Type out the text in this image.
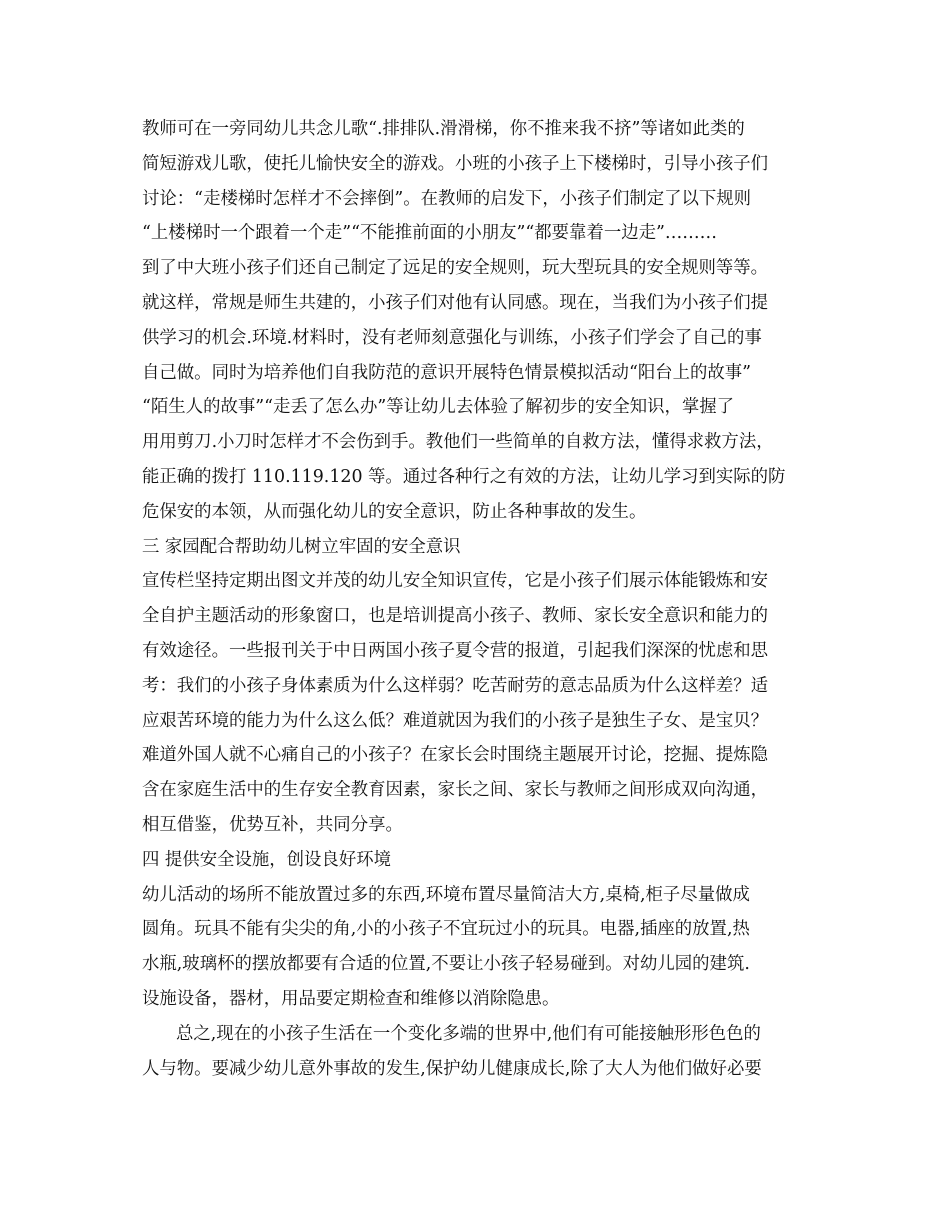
教师可在一旁同幼儿共念儿歌“.排排队.滑滑梯，你不推来我不挤”等诸如此类的
简短游戏儿歌，使托儿愉快安全的游戏。小班的小孩子上下楼梯时，引导小孩子们
讨论：“走楼梯时怎样才不会摔倒”。在教师的启发下，小孩子们制定了以下规则
“上楼梯时一个跟着一个走”“不能推前面的小朋友”“都要靠着一边走”………
到了中大班小孩子们还自己制定了远足的安全规则，玩大型玩具的安全规则等等。
就这样，常规是师生共建的，小孩子们对他有认同感。现在，当我们为小孩子们提
供学习的机会.环境.材料时，没有老师刻意强化与训练，小孩子们学会了自己的事
自己做。同时为培养他们自我防范的意识开展特色情景模拟活动“阳台上的故事”
“陌生人的故事”“走丢了怎么办”等让幼儿去体验了解初步的安全知识，掌握了
用用剪刀.小刀时怎样才不会伤到手。教他们一些简单的自救方法，懂得求救方法，
能正确的拨打 110.119.120 等。通过各种行之有效的方法，让幼儿学习到实际的防
危保安的本领，从而强化幼儿的安全意识，防止各种事故的发生。
三 家园配合帮助幼儿树立牢固的安全意识
宣传栏坚持定期出图文并茂的幼儿安全知识宣传，它是小孩子们展示体能锻炼和安
全自护主题活动的形象窗口，也是培训提高小孩子、教师、家长安全意识和能力的
有效途径。一些报刊关于中日两国小孩子夏令营的报道，引起我们深深的忧虑和思
考：我们的小孩子身体素质为什么这样弱？吃苦耐劳的意志品质为什么这样差？适
应艰苦环境的能力为什么这么低？难道就因为我们的小孩子是独生子女、是宝贝？
难道外国人就不心痛自己的小孩子？在家长会时围绕主题展开讨论，挖掘、提炼隐
含在家庭生活中的生存安全教育因素，家长之间、家长与教师之间形成双向沟通，
相互借鉴，优势互补，共同分享。
四 提供安全设施，创设良好环境
幼儿活动的场所不能放置过多的东西,环境布置尽量简洁大方,桌椅,柜子尽量做成
圆角。玩具不能有尖尖的角,小的小孩子不宜玩过小的玩具。电器,插座的放置,热
水瓶,玻璃杯的摆放都要有合适的位置,不要让小孩子轻易碰到。对幼儿园的建筑.
设施设备，器材，用品要定期检查和维修以消除隐患。
总之,现在的小孩子生活在一个变化多端的世界中,他们有可能接触形形色色的
人与物。要减少幼儿意外事故的发生,保护幼儿健康成长,除了大人为他们做好必要
